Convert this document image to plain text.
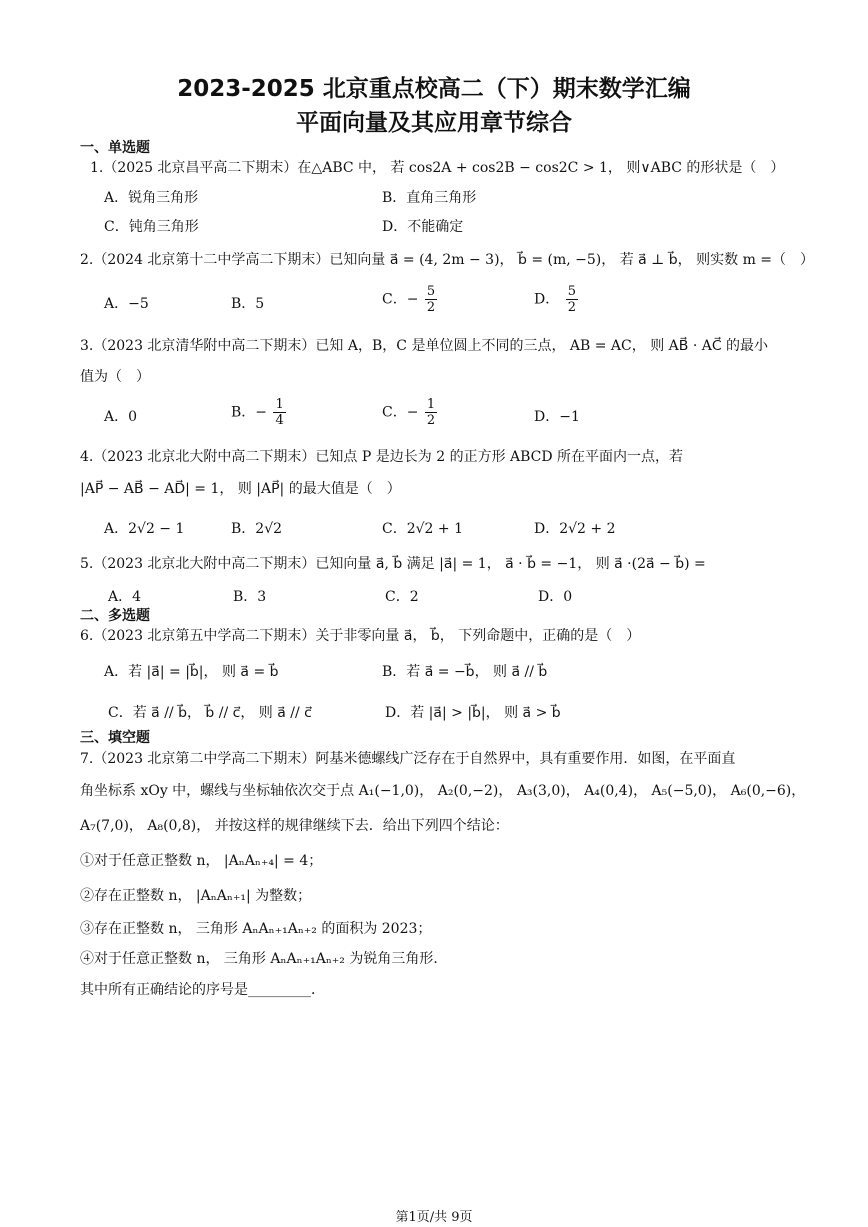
2023-2025 北京重点校高二（下）期末数学汇编
平面向量及其应用章节综合
一、单选题
1.（2025 北京昌平高二下期末）在△ABC 中， 若 cos2A + cos2B − cos2C > 1， 则∨ABC 的形状是（　）
A．锐角三角形	B．直角三角形
C．钝角三角形	D．不能确定
2.（2024 北京第十二中学高二下期末）已知向量 a⃗ = (4, 2m − 3)， b⃗ = (m, −5)， 若 a⃗ ⊥ b⃗， 则实数 m =（　）
A．−5	B．5	C．− $\frac{5}{2}$	D． $\frac{5}{2}$
3.（2023 北京清华附中高二下期末）已知 A，B，C 是单位圆上不同的三点， AB = AC， 则 AB⃗ · AC⃗ 的最小
值为（　）
A．0	B．− $\frac{1}{4}$	C．− $\frac{1}{2}$	D．−1
4.（2023 北京北大附中高二下期末）已知点 P 是边长为 2 的正方形 ABCD 所在平面内一点，若
|AP⃗ − AB⃗ − AD⃗| = 1， 则 |AP⃗| 的最大值是（　）
A．2√2 − 1	B．2√2	C．2√2 + 1	D．2√2 + 2
5.（2023 北京北大附中高二下期末）已知向量 a⃗, b⃗ 满足 |a⃗| = 1， a⃗ · b⃗ = −1， 则 a⃗ ·(2a⃗ − b⃗) =
A．4	B．3	C．2	D．0
二、多选题
6.（2023 北京第五中学高二下期末）关于非零向量 a⃗， b⃗， 下列命题中，正确的是（　）
A．若 |a⃗| = |b⃗|， 则 a⃗ = b⃗	B．若 a⃗ = −b⃗， 则 a⃗ // b⃗
C．若 a⃗ // b⃗， b⃗ // c⃗， 则 a⃗ // c⃗	D．若 |a⃗| > |b⃗|， 则 a⃗ > b⃗
三、填空题
7.（2023 北京第二中学高二下期末）阿基米德螺线广泛存在于自然界中，具有重要作用．如图，在平面直
角坐标系 xOy 中，螺线与坐标轴依次交于点 A₁(−1,0)， A₂(0,−2)， A₃(3,0)， A₄(0,4)， A₅(−5,0)， A₆(0,−6)，
A₇(7,0)， A₈(0,8)， 并按这样的规律继续下去．给出下列四个结论：
①对于任意正整数 n， |AₙAₙ₊₄| = 4；
②存在正整数 n， |AₙAₙ₊₁| 为整数；
③存在正整数 n， 三角形 AₙAₙ₊₁Aₙ₊₂ 的面积为 2023；
④对于任意正整数 n， 三角形 AₙAₙ₊₁Aₙ₊₂ 为锐角三角形．
其中所有正确结论的序号是_________．
第1页/共 9页
